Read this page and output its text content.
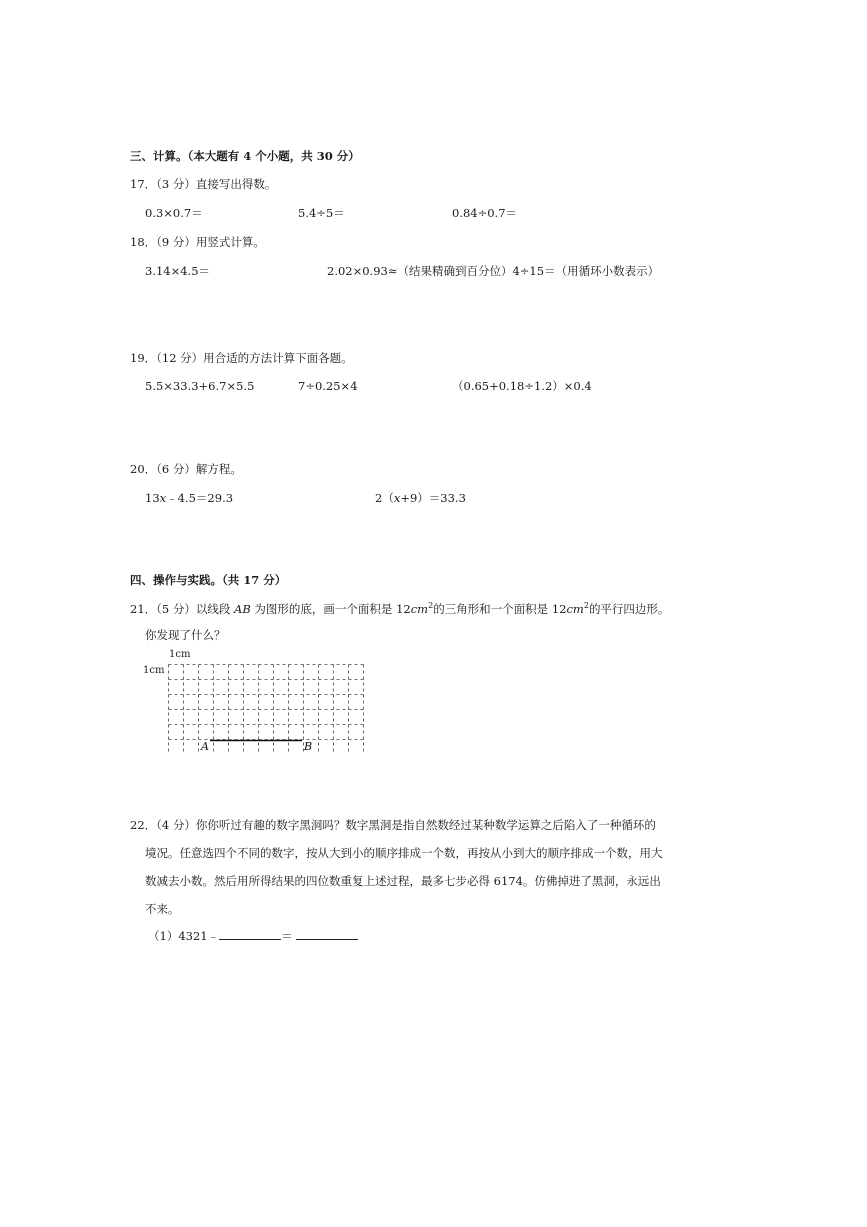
三、计算。（本大题有 4 个小题，共 30 分）
17．（3 分）直接写出得数。
0.3×0.7＝	5.4÷5＝	0.84÷0.7＝
18．（9 分）用竖式计算。
3.14×4.5＝	2.02×0.93≈（结果精确到百分位）4÷15＝（用循环小数表示）
19．（12 分）用合适的方法计算下面各题。
5.5×33.3+6.7×5.5	7÷0.25×4	（0.65+0.18÷1.2）×0.4
20．（6 分）解方程。
13x﹣4.5＝29.3	2（x+9）＝33.3
四、操作与实践。（共 17 分）
21．（5 分）以线段 AB 为图形的底，画一个面积是 $12cm^2$的三角形和一个面积是 $12cm^2$的平行四边形。
你发现了什么？
1cm
1cm
A	B
22．（4 分）你你听过有趣的数字黑洞吗？数字黑洞是指自然数经过某种数学运算之后陷入了一种循环的
境况。任意选四个不同的数字，按从大到小的顺序排成一个数，再按从小到大的顺序排成一个数，用大
数减去小数。然后用所得结果的四位数重复上述过程，最多七步必得 6174。仿佛掉进了黑洞，永远出
不来。
（1）4321﹣	＝
